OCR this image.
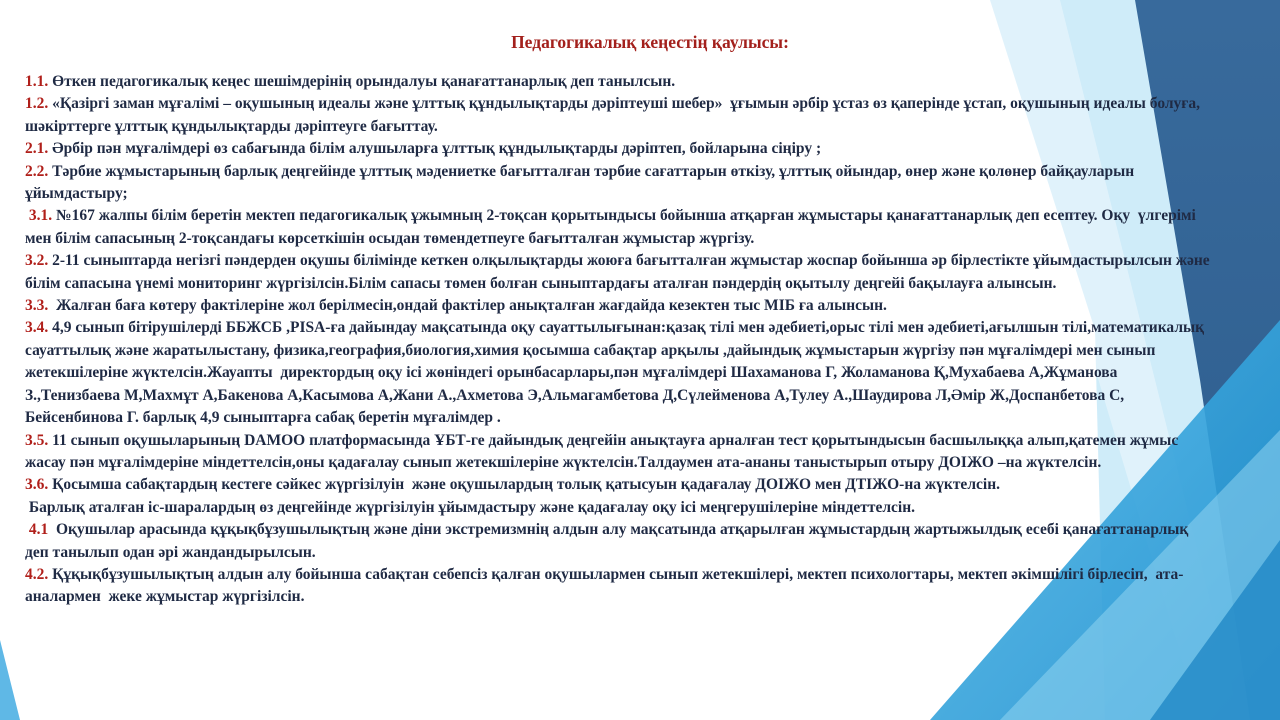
Педагогикалық кеңестің қаулысы:

1.1. Өткен педагогикалық кеңес шешімдерінің орындалуы қанағаттанарлық деп танылсын.

1.2. «Қазіргі заман мұғалімі – оқушының идеалы және ұлттық құндылықтарды дәріптеуші шебер»  ұғымын әрбір ұстаз өз қаперінде ұстап, оқушының идеалы болуға, шәкірттерге ұлттық құндылықтарды дәріптеуге бағыттау.

2.1. Әрбір пән мұғалімдері өз сабағында білім алушыларға ұлттық құндылықтарды дәріптеп, бойларына сіңіру ;

2.2. Тәрбие жұмыстарының барлық деңгейінде ұлттық мәдениетке бағытталған тәрбие сағаттарын өткізу, ұлттық ойындар, өнер және қолөнер байқауларын ұйымдастыру;

3.1. №167 жалпы білім беретін мектеп педагогикалық ұжымның 2-тоқсан қорытындысы бойынша атқарған жұмыстары қанағаттанарлық деп есептеу. Оқу  үлгерімі мен білім сапасының 2-тоқсандағы көрсеткішін осыдан төмендетпеуге бағытталған жұмыстар жүргізу.

3.2. 2-11 сыныптарда негізгі пәндерден оқушы білімінде кеткен олқылықтарды жоюға бағытталған жұмыстар жоспар бойынша әр бірлестікте ұйымдастырылсын және білім сапасына үнемі мониторинг жүргізілсін.Білім сапасы төмен болған сыныптардағы аталған пәндердің оқытылу деңгейі бақылауға алынсын.

3.3.  Жалған баға көтеру фактілеріне жол берілмесін,ондай фактілер анықталған жағдайда кезектен тыс МІБ ға алынсын.

3.4. 4,9 сынып бітірушілерді ББЖСБ ,PISA-ға дайындау мақсатында оқу сауаттылығынан:қазақ тілі мен әдебиеті,орыс тілі мен әдебиеті,ағылшын тілі,математикалық сауаттылық және жаратылыстану, физика,география,биология,химия қосымша сабақтар арқылы ,дайындық жұмыстарын жүргізу пән мұғалімдері мен сынып жетекшілеріне жүктелсін.Жауапты  директордың оқу ісі жөніндегі орынбасарлары,пән мұғалімдері Шахаманова Г, Жоламанова Қ,Мухабаева А,Жұманова З.,Тенизбаева М,Махмұт А,Бакенова А,Касымова А,Жани А.,Ахметова Э,Альмагамбетова Д,Сүлейменова А,Тулеу А.,Шаудирова Л,Әмір Ж,Доспанбетова С, Бейсенбинова Г. барлық 4,9 сыныптарға сабақ беретін мұғалімдер .

3.5. 11 сынып оқушыларының DAMOO платформасында ҰБТ-ге дайындық деңгейін анықтауға арналған тест қорытындысын басшылыққа алып,қатемен жұмыс жасау пән мұғалімдеріне міндеттелсін,оны қадағалау сынып жетекшілеріне жүктелсін.Талдаумен ата-ананы таныстырып отыру ДОІЖО –на жүктелсін.

3.6. Қосымша сабақтардың кестеге сәйкес жүргізілуін  және оқушылардың толық қатысуын қадағалау ДОІЖО мен ДТІЖО-на жүктелсін.
Барлық аталған іс-шаралардың өз деңгейінде жүргізілуін ұйымдастыру және қадағалау оқу ісі меңгерушілеріне міндеттелсін.

4.1  Оқушылар арасында құқықбұзушылықтың және діни экстремизмнің алдын алу мақсатында атқарылған жұмыстардың жартыжылдық есебі қанағаттанарлық деп танылып одан әрі жандандырылсын.

4.2. Құқықбұзушылықтың алдын алу бойынша сабақтан себепсіз қалған оқушылармен сынып жетекшілері, мектеп психологтары, мектеп әкімшілігі бірлесіп,  ата-аналармен  жеке жұмыстар жүргізілсін.
